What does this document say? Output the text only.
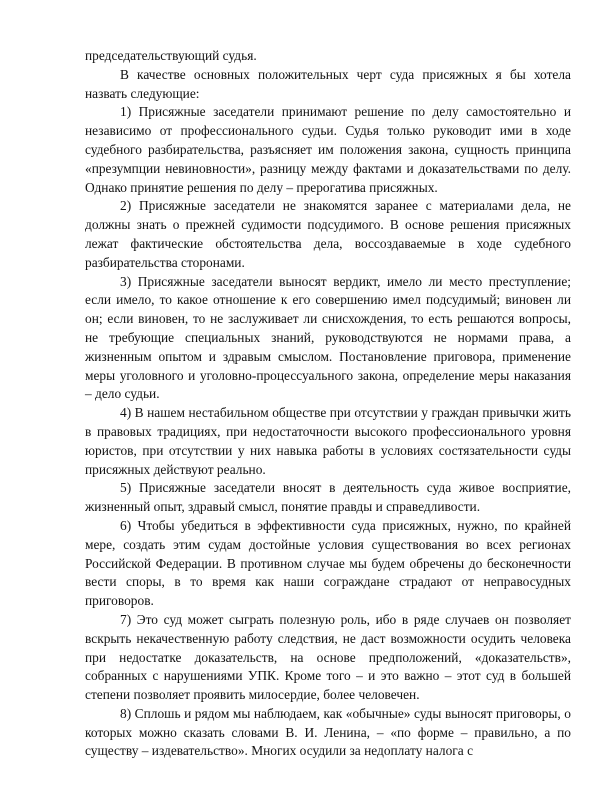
председательствующий судья.

В качестве основных положительных черт суда присяжных я бы хотела назвать следующие:

1) Присяжные заседатели принимают решение по делу самостоятельно и независимо от профессионального судьи. Судья только руководит ими в ходе судебного разбирательства, разъясняет им положения закона, сущность принципа «презумпции невиновности», разницу между фактами и доказательствами по делу. Однако принятие решения по делу – прерогатива присяжных.

2) Присяжные заседатели не знакомятся заранее с материалами дела, не должны знать о прежней судимости подсудимого. В основе решения присяжных лежат фактические обстоятельства дела, воссоздаваемые в ходе судебного разбирательства сторонами.

3) Присяжные заседатели выносят вердикт, имело ли место преступление; если имело, то какое отношение к его совершению имел подсудимый; виновен ли он; если виновен, то не заслуживает ли снисхождения, то есть решаются вопросы, не требующие специальных знаний, руководствуются не нормами права, а жизненным опытом и здравым смыслом. Постановление приговора, применение меры уголовного и уголовно-процессуального закона, определение меры наказания – дело судьи.

4) В нашем нестабильном обществе при отсутствии у граждан привычки жить в правовых традициях, при недостаточности высокого профессионального уровня юристов, при отсутствии у них навыка работы в условиях состязательности суды присяжных действуют реально.

5) Присяжные заседатели вносят в деятельность суда живое восприятие, жизненный опыт, здравый смысл, понятие правды и справедливости.

6) Чтобы убедиться в эффективности суда присяжных, нужно, по крайней мере, создать этим судам достойные условия существования во всех регионах Российской Федерации. В противном случае мы будем обречены до бесконечности вести споры, в то время как наши сограждане страдают от неправосудных приговоров.

7) Это суд может сыграть полезную роль, ибо в ряде случаев он позволяет вскрыть некачественную работу следствия, не даст возможности осудить человека при недостатке доказательств, на основе предположений, «доказательств», собранных с нарушениями УПК. Кроме того – и это важно – этот суд в большей степени позволяет проявить милосердие, более человечен.

8) Сплошь и рядом мы наблюдаем, как «обычные» суды выносят приговоры, о которых можно сказать словами В. И. Ленина, – «по форме – правильно, а по существу – издевательство». Многих осудили за недоплату налога с
